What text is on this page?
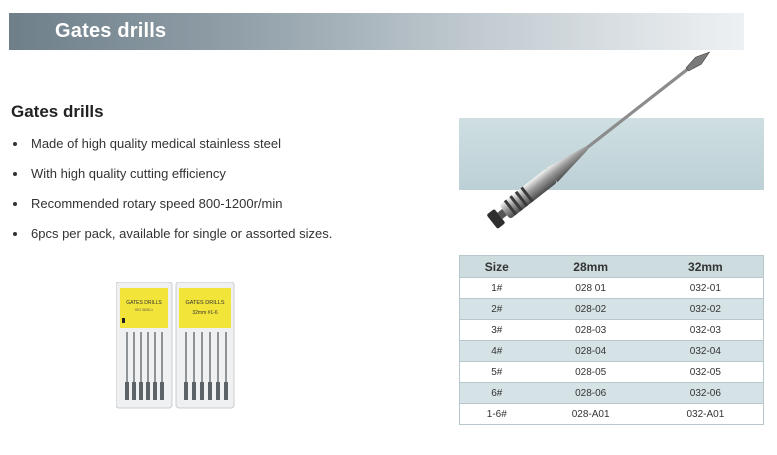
Gates drills
Gates drills
Made of high quality medical stainless steel
With high quality cutting efficiency
Recommended rotary speed 800-1200r/min
6pcs per pack, available for single or assorted sizes.
GATES DRILLS
ISO 3630-1
GATES DRILLS
32mm #1-6
Size	28mm	32mm
1#	028 01	032-01
2#	028-02	032-02
3#	028-03	032-03
4#	028-04	032-04
5#	028-05	032-05
6#	028-06	032-06
1-6#	028-A01	032-A01
